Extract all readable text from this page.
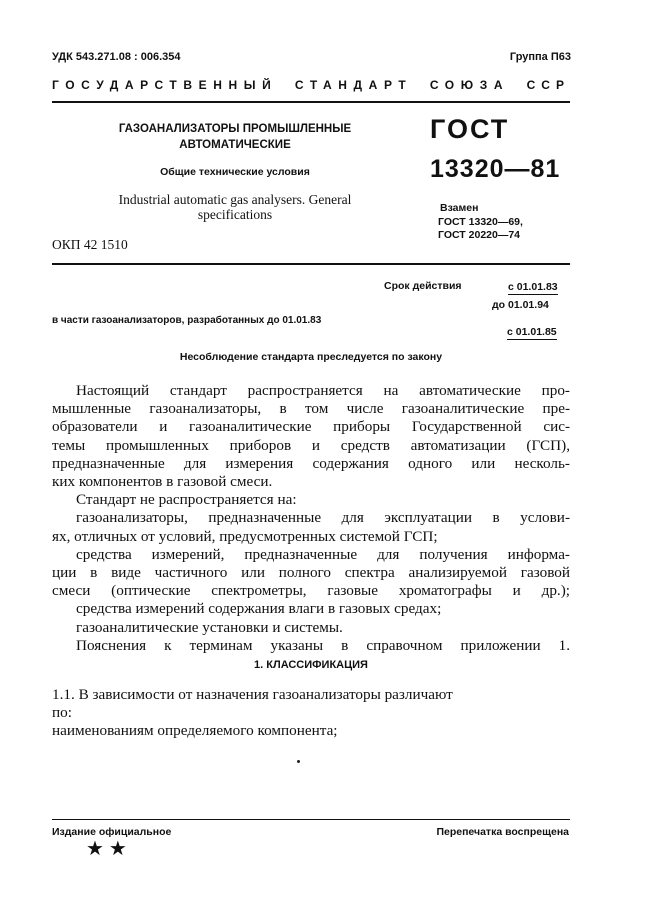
УДК 543.271.08 : 006.354	Группа П63
ГОСУДАРСТВЕННЫЙ СТАНДАРТ СОЮЗА ССР
ГАЗОАНАЛИЗАТОРЫ ПРОМЫШЛЕННЫЕ АВТОМАТИЧЕСКИЕ
Общие технические условия
Industrial automatic gas analysers. General specifications
ОКП 42 1510
ГОСТ
13320—81
Взамен
ГОСТ 13320—69,
ГОСТ 20220—74
Срок действия	с 01.01.83
до 01.01.94
в части газоанализаторов, разработанных до 01.01.83
с 01.01.85
Несоблюдение стандарта преследуется по закону

Настоящий стандарт распространяется на автоматические про-

мышленные газоанализаторы, в том числе газоаналитические пре-

образователи и газоаналитические приборы Государственной сис-

темы промышленных приборов и средств автоматизации (ГСП),

предназначенные для измерения содержания одного или несколь-

ких компонентов в газовой смеси.

Стандарт не распространяется на:

газоанализаторы, предназначенные для эксплуатации в услови-

ях, отличных от условий, предусмотренных системой ГСП;

средства измерений, предназначенные для получения информа-

ции в виде частичного или полного спектра анализируемой газовой

смеси (оптические спектрометры, газовые хроматографы и др.);

средства измерений содержания влаги в газовых средах;

газоаналитические установки и системы.

Пояснения к терминам указаны в справочном приложении 1.

1. КЛАССИФИКАЦИЯ

1.1. В зависимости от назначения газоанализаторы различают

по:

наименованиям определяемого компонента;

Издание официальное	Перепечатка воспрещена
★ ★
